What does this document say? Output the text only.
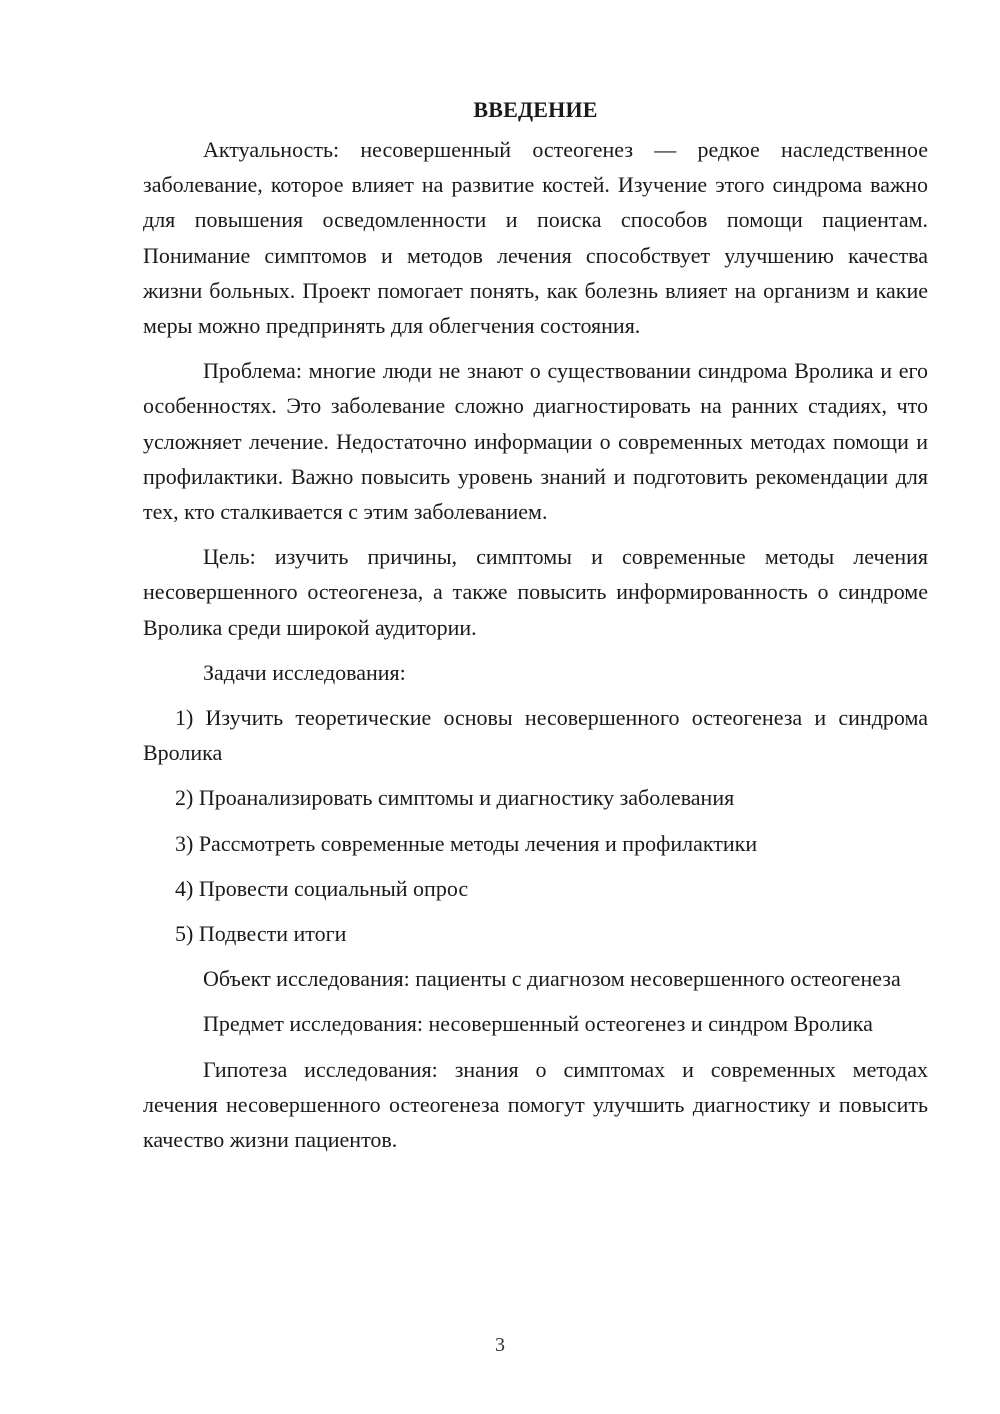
ВВЕДЕНИЕ

Актуальность: несовершенный остеогенез — редкое наследственное заболевание, которое влияет на развитие костей. Изучение этого синдрома важно для повышения осведомленности и поиска способов помощи пациентам. Понимание симптомов и методов лечения способствует улучшению качества жизни больных. Проект помогает понять, как болезнь влияет на организм и какие меры можно предпринять для облегчения состояния.

Проблема: многие люди не знают о существовании синдрома Вролика и его особенностях. Это заболевание сложно диагностировать на ранних стадиях, что усложняет лечение. Недостаточно информации о современных методах помощи и профилактики. Важно повысить уровень знаний и подготовить рекомендации для тех, кто сталкивается с этим заболеванием.

Цель: изучить причины, симптомы и современные методы лечения несовершенного остеогенеза, а также повысить информированность о синдроме Вролика среди широкой аудитории.

Задачи исследования:

1) Изучить теоретические основы несовершенного остеогенеза и синдрома Вролика

2) Проанализировать симптомы и диагностику заболевания

3) Рассмотреть современные методы лечения и профилактики

4) Провести социальный опрос

5) Подвести итоги

Объект исследования: пациенты с диагнозом несовершенного остеогенеза

Предмет исследования: несовершенный остеогенез и синдром Вролика

Гипотеза исследования: знания о симптомах и современных методах лечения несовершенного остеогенеза помогут улучшить диагностику и повысить качество жизни пациентов.

3
